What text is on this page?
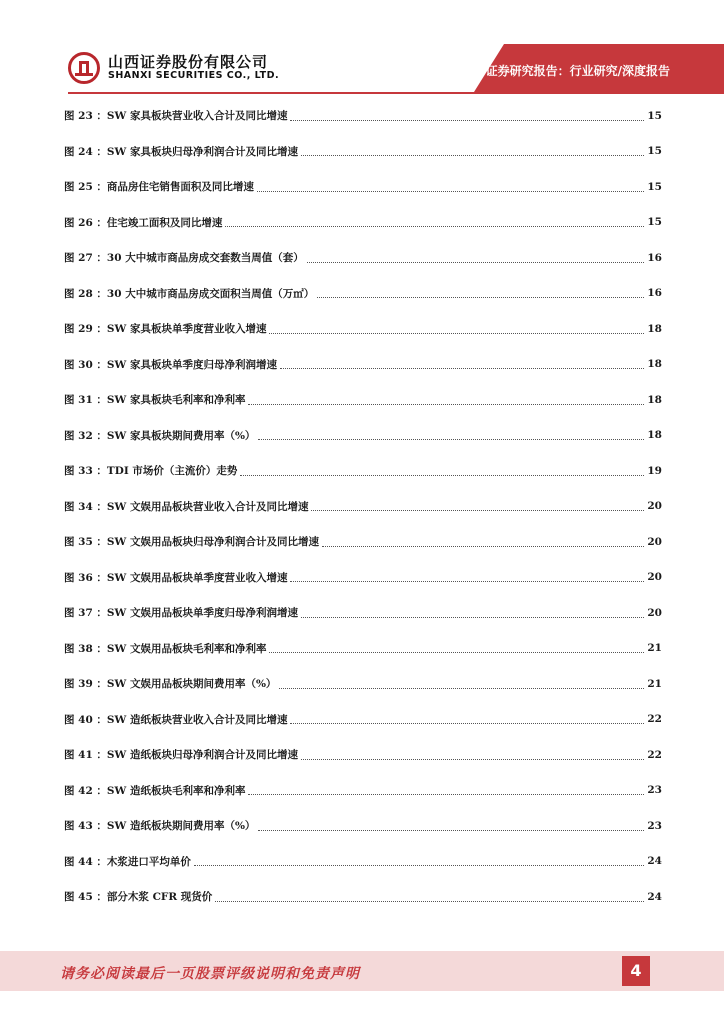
山西证券股份有限公司
SHANXI SECURITIES CO., LTD.	证券研究报告：行业研究/深度报告
图 23 ：SW 家具板块营业收入合计及同比增速	15
图 24 ：SW 家具板块归母净利润合计及同比增速	15
图 25 ：商品房住宅销售面积及同比增速	15
图 26 ：住宅竣工面积及同比增速	15
图 27 ：30 大中城市商品房成交套数当周值（套）	16
图 28 ：30 大中城市商品房成交面积当周值（万㎡）	16
图 29 ：SW 家具板块单季度营业收入增速	18
图 30 ：SW 家具板块单季度归母净利润增速	18
图 31 ：SW 家具板块毛利率和净利率	18
图 32 ：SW 家具板块期间费用率（%）	18
图 33 ：TDI 市场价（主流价）走势	19
图 34 ：SW 文娱用品板块营业收入合计及同比增速	20
图 35 ：SW 文娱用品板块归母净利润合计及同比增速	20
图 36 ：SW 文娱用品板块单季度营业收入增速	20
图 37 ：SW 文娱用品板块单季度归母净利润增速	20
图 38 ：SW 文娱用品板块毛利率和净利率	21
图 39 ：SW 文娱用品板块期间费用率（%）	21
图 40 ：SW 造纸板块营业收入合计及同比增速	22
图 41 ：SW 造纸板块归母净利润合计及同比增速	22
图 42 ：SW 造纸板块毛利率和净利率	23
图 43 ：SW 造纸板块期间费用率（%）	23
图 44 ：木浆进口平均单价	24
图 45 ：部分木浆 CFR 现货价	24
请务必阅读最后一页股票评级说明和免责声明	4
